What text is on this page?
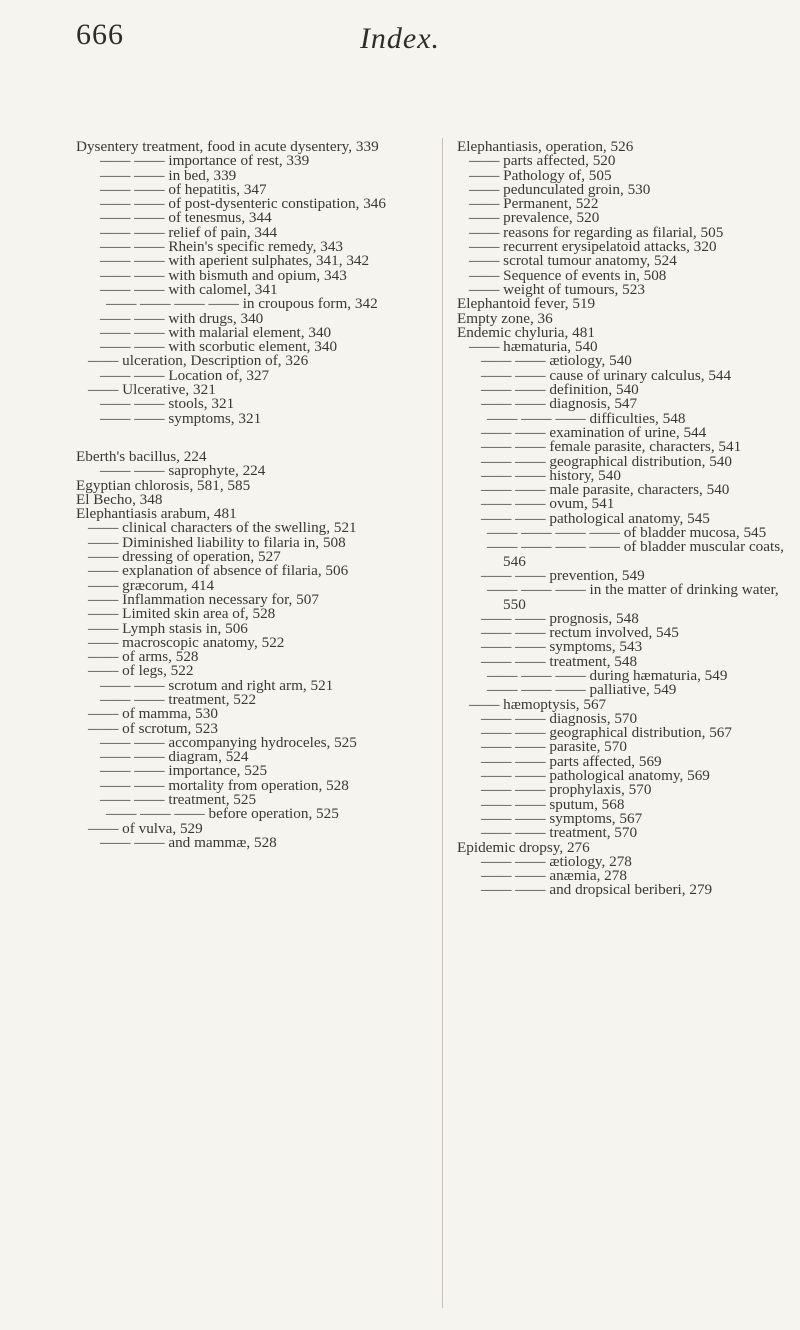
666	Index.

Dysentery treatment, food in acute dysentery, 339

—— —— importance of rest, 339

—— —— in bed, 339

—— —— of hepatitis, 347

—— —— of post-dysenteric constipation, 346

—— —— of tenesmus, 344

—— —— relief of pain, 344

—— —— Rhein's specific remedy, 343

—— —— with aperient sulphates, 341, 342

—— —— with bismuth and opium, 343

—— —— with calomel, 341

—— —— —— —— in croupous form, 342

—— —— with drugs, 340

—— —— with malarial element, 340

—— —— with scorbutic element, 340

—— ulceration, Description of, 326

—— —— Location of, 327

—— Ulcerative, 321

—— —— stools, 321

—— —— symptoms, 321

Eberth's bacillus, 224

—— —— saprophyte, 224

Egyptian chlorosis, 581, 585

El Becho, 348

Elephantiasis arabum, 481

—— clinical characters of the swelling, 521

—— Diminished liability to filaria in, 508

—— dressing of operation, 527

—— explanation of absence of filaria, 506

—— græcorum, 414

—— Inflammation necessary for, 507

—— Limited skin area of, 528

—— Lymph stasis in, 506

—— macroscopic anatomy, 522

—— of arms, 528

—— of legs, 522

—— —— scrotum and right arm, 521

—— —— treatment, 522

—— of mamma, 530

—— of scrotum, 523

—— —— accompanying hydroceles, 525

—— —— diagram, 524

—— —— importance, 525

—— —— mortality from operation, 528

—— —— treatment, 525

—— —— —— before operation, 525

—— of vulva, 529

—— —— and mammæ, 528

Elephantiasis, operation, 526

—— parts affected, 520

—— Pathology of, 505

—— pedunculated groin, 530

—— Permanent, 522

—— prevalence, 520

—— reasons for regarding as filarial, 505

—— recurrent erysipelatoid attacks, 320

—— scrotal tumour anatomy, 524

—— Sequence of events in, 508

—— weight of tumours, 523

Elephantoid fever, 519

Empty zone, 36

Endemic chyluria, 481

—— hæmaturia, 540

—— —— ætiology, 540

—— —— cause of urinary calculus, 544

—— —— definition, 540

—— —— diagnosis, 547

—— —— —— difficulties, 548

—— —— examination of urine, 544

—— —— female parasite, characters, 541

—— —— geographical distribution, 540

—— —— history, 540

—— —— male parasite, characters, 540

—— —— ovum, 541

—— —— pathological anatomy, 545

—— —— —— —— of bladder mucosa, 545

—— —— —— —— of bladder muscular coats, 546

—— —— prevention, 549

—— —— —— in the matter of drinking water, 550

—— —— prognosis, 548

—— —— rectum involved, 545

—— —— symptoms, 543

—— —— treatment, 548

—— —— —— during hæmaturia, 549

—— —— —— palliative, 549

—— hæmoptysis, 567

—— —— diagnosis, 570

—— —— geographical distribution, 567

—— —— parasite, 570

—— —— parts affected, 569

—— —— pathological anatomy, 569

—— —— prophylaxis, 570

—— —— sputum, 568

—— —— symptoms, 567

—— —— treatment, 570

Epidemic dropsy, 276

—— —— ætiology, 278

—— —— anæmia, 278

—— —— and dropsical beriberi, 279
